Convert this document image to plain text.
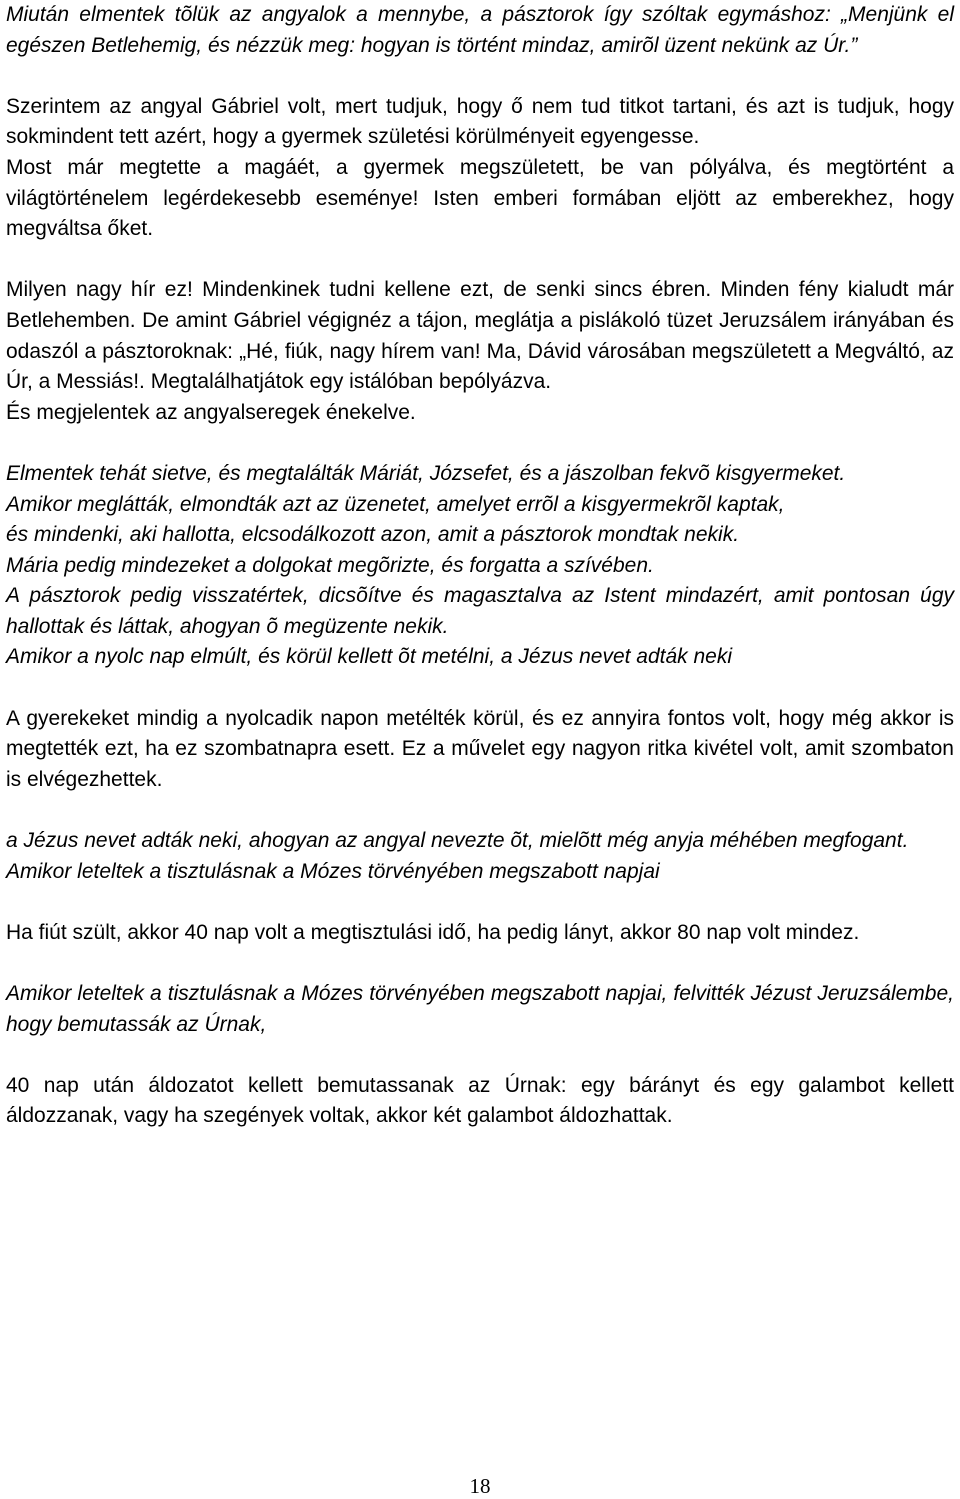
Miután elmentek tõlük az angyalok a mennybe, a pásztorok így szóltak egymáshoz: „Menjünk el egészen Betlehemig, és nézzük meg: hogyan is történt mindaz, amirõl üzent nekünk az Úr.”

Szerintem az angyal Gábriel volt, mert tudjuk, hogy ő nem tud titkot tartani, és azt is tudjuk, hogy sokmindent tett azért, hogy a gyermek születési körülményeit egyengesse.

Most már megtette a magáét, a gyermek megszületett, be van pólyálva, és megtörtént a világtörténelem legérdekesebb eseménye! Isten emberi formában eljött az emberekhez, hogy megváltsa őket.

Milyen nagy hír ez! Mindenkinek tudni kellene ezt, de senki sincs ébren. Minden fény kialudt már Betlehemben. De amint Gábriel végignéz a tájon, meglátja a pislákoló tüzet Jeruzsálem irányában és odaszól a pásztoroknak: „Hé, fiúk, nagy hírem van! Ma, Dávid városában megszületett a Megváltó, az Úr, a Messiás!. Megtalálhatjátok egy istálóban bepólyázva.

És megjelentek az angyalseregek énekelve.

Elmentek tehát sietve, és megtalálták Máriát, Józsefet, és a jászolban fekvõ kisgyermeket.

Amikor meglátták, elmondták azt az üzenetet, amelyet errõl a kisgyermekrõl kaptak,

és mindenki, aki hallotta, elcsodálkozott azon, amit a pásztorok mondtak nekik.

Mária pedig mindezeket a dolgokat megõrizte, és forgatta a szívében.

A pásztorok pedig visszatértek, dicsõítve és magasztalva az Istent mindazért, amit pontosan úgy hallottak és láttak, ahogyan õ megüzente nekik.

Amikor a nyolc nap elmúlt, és körül kellett õt metélni, a Jézus nevet adták neki

A gyerekeket mindig a nyolcadik napon metélték körül, és ez annyira fontos volt, hogy még akkor is megtették ezt, ha ez szombatnapra esett. Ez a művelet egy nagyon ritka kivétel volt, amit szombaton is elvégezhettek.

a Jézus nevet adták neki, ahogyan az angyal nevezte õt, mielõtt még anyja méhében megfogant.

Amikor leteltek a tisztulásnak a Mózes törvényében megszabott napjai

Ha fiút szült, akkor 40 nap volt a megtisztulási idő, ha pedig lányt, akkor 80 nap volt mindez.

Amikor leteltek a tisztulásnak a Mózes törvényében megszabott napjai, felvitték Jézust Jeruzsálembe, hogy bemutassák az Úrnak,

40 nap után áldozatot kellett bemutassanak az Úrnak: egy bárányt és egy galambot kellett áldozzanak, vagy ha szegények voltak, akkor két galambot áldozhattak.

18
